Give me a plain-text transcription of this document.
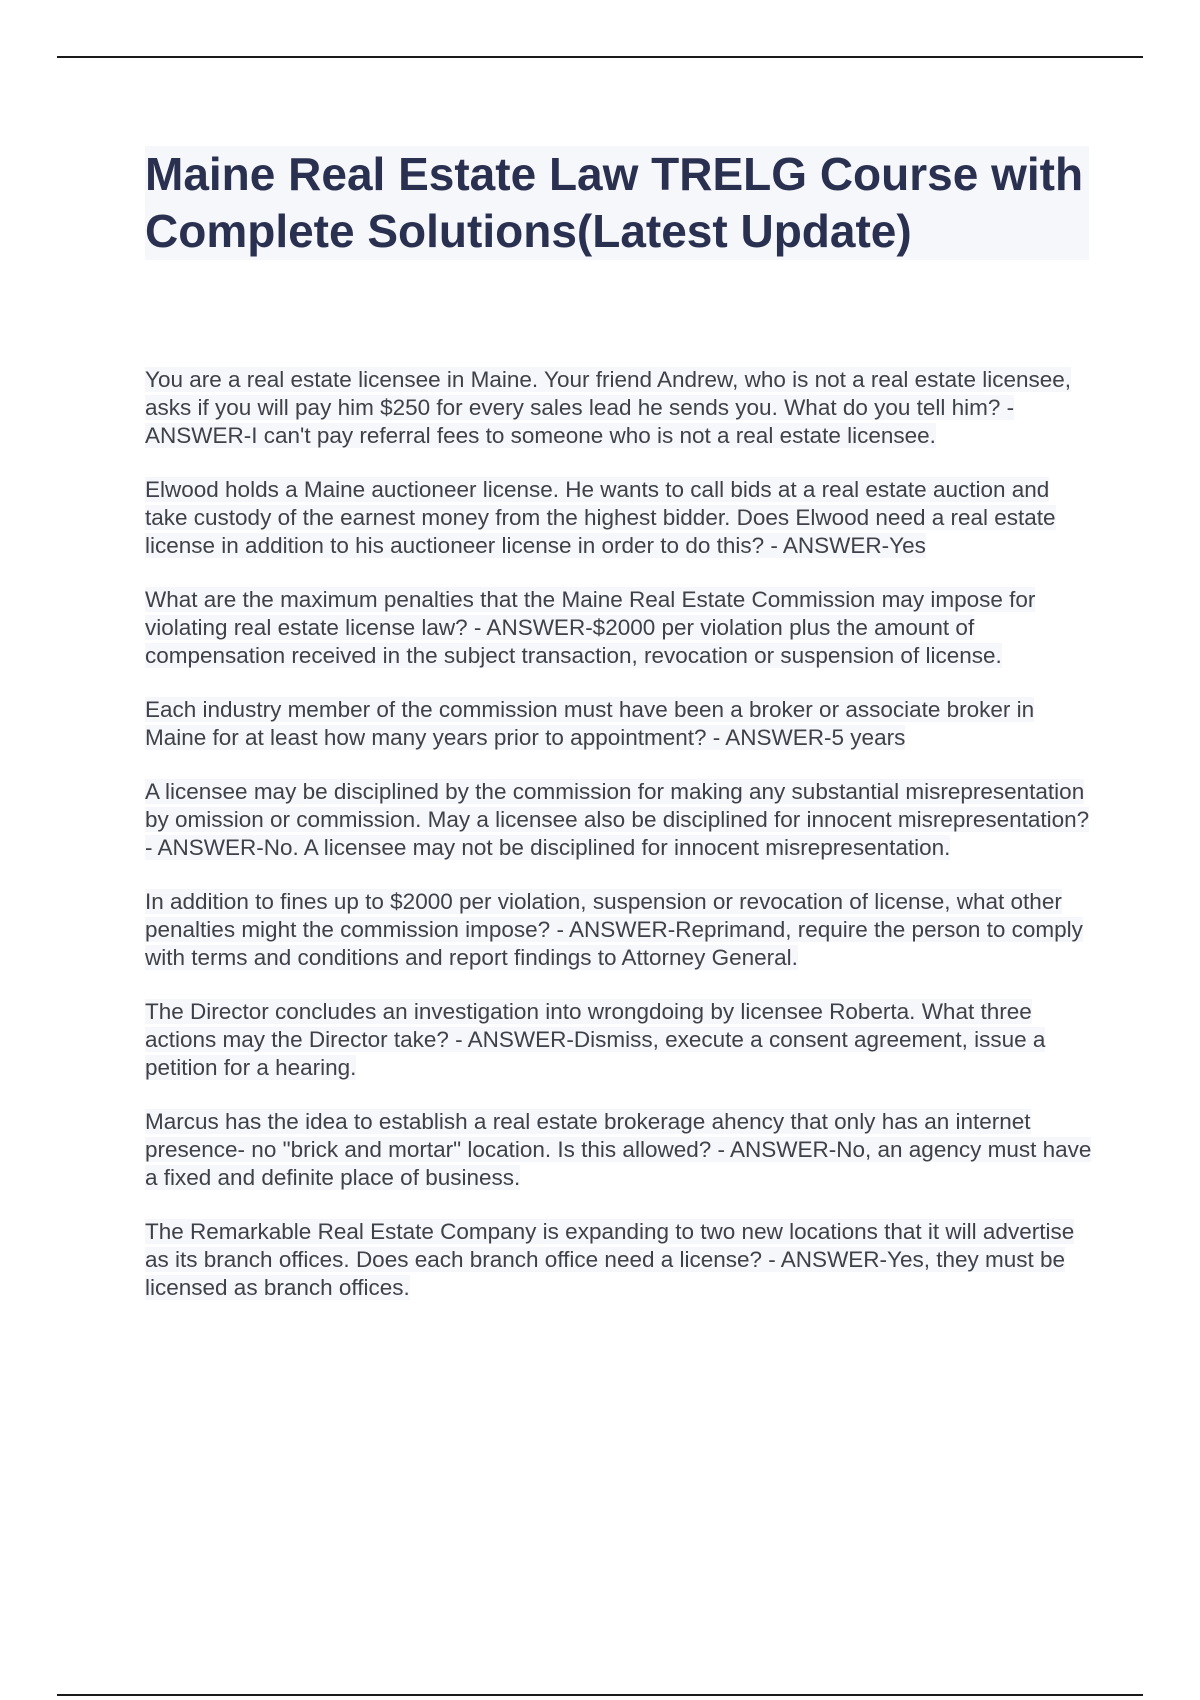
Maine Real Estate Law TRELG Course with Complete Solutions(Latest Update)

You are a real estate licensee in Maine. Your friend Andrew, who is not a real estate licensee, asks if you will pay him $250 for every sales lead he sends you. What do you tell him? - ANSWER-I can't pay referral fees to someone who is not a real estate licensee.

Elwood holds a Maine auctioneer license. He wants to call bids at a real estate auction and take custody of the earnest money from the highest bidder. Does Elwood need a real estate license in addition to his auctioneer license in order to do this? - ANSWER-Yes

What are the maximum penalties that the Maine Real Estate Commission may impose for violating real estate license law? - ANSWER-$2000 per violation plus the amount of compensation received in the subject transaction, revocation or suspension of license.

Each industry member of the commission must have been a broker or associate broker in Maine for at least how many years prior to appointment? - ANSWER-5 years

A licensee may be disciplined by the commission for making any substantial misrepresentation by omission or commission. May a licensee also be disciplined for innocent misrepresentation? - ANSWER-No. A licensee may not be disciplined for innocent misrepresentation.

In addition to fines up to $2000 per violation, suspension or revocation of license, what other penalties might the commission impose? - ANSWER-Reprimand, require the person to comply with terms and conditions and report findings to Attorney General.

The Director concludes an investigation into wrongdoing by licensee Roberta. What three actions may the Director take? - ANSWER-Dismiss, execute a consent agreement, issue a petition for a hearing.

Marcus has the idea to establish a real estate brokerage ahency that only has an internet presence- no "brick and mortar" location. Is this allowed? - ANSWER-No, an agency must have a fixed and definite place of business.

The Remarkable Real Estate Company is expanding to two new locations that it will advertise as its branch offices. Does each branch office need a license? - ANSWER-Yes, they must be licensed as branch offices.
